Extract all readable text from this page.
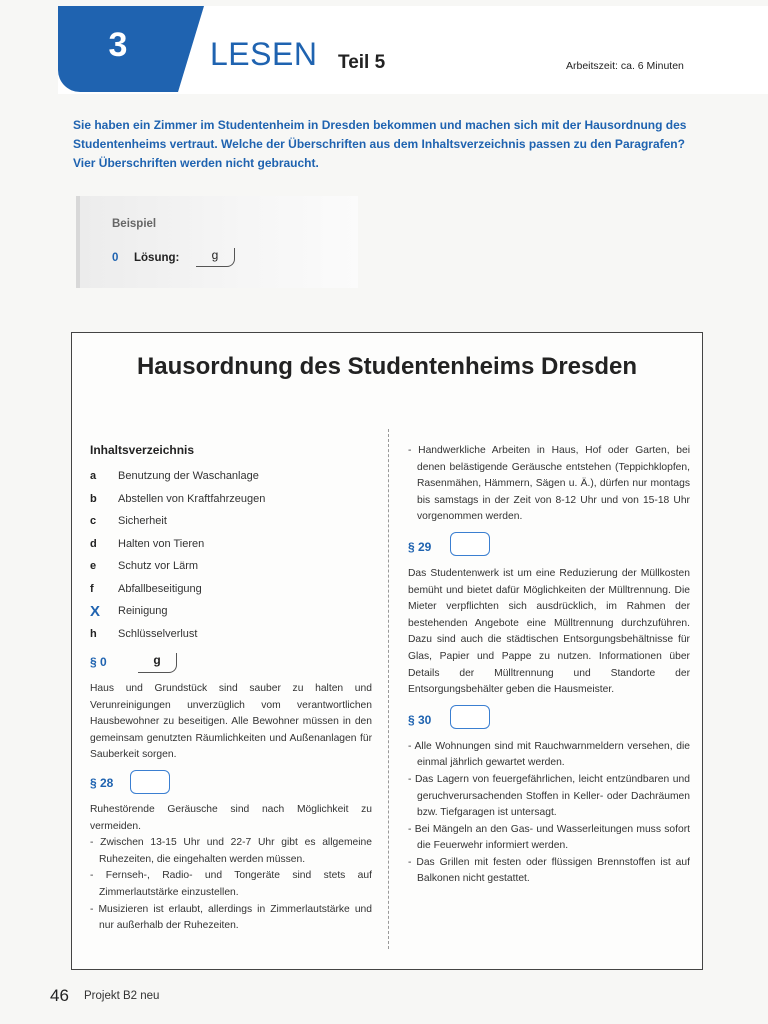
3	LESEN Teil 5	Arbeitszeit: ca. 6 Minuten
Sie haben ein Zimmer im Studentenheim in Dresden bekommen und machen sich mit der Hausordnung des Studentenheims vertraut. Welche der Überschriften aus dem Inhaltsverzeichnis passen zu den Paragrafen? Vier Überschriften werden nicht gebraucht.
Beispiel
0 Lösung:	g
Hausordnung des Studentenheims Dresden
Inhaltsverzeichnis
a	Benutzung der Waschanlage
b	Abstellen von Kraftfahrzeugen
c	Sicherheit
d	Halten von Tieren
e	Schutz vor Lärm
f	Abfallbeseitigung
X	Reinigung
h	Schlüsselverlust
§ 0	g
Haus und Grundstück sind sauber zu halten und Verunreinigungen unverzüglich vom verantwortlichen Hausbewohner zu beseitigen. Alle Bewohner müssen in den gemeinsam genutzten Räumlichkeiten und Außenanlagen für Sauberkeit sorgen.
§ 28
Ruhestörende Geräusche sind nach Möglichkeit zu vermeiden.
- Zwischen 13-15 Uhr und 22-7 Uhr gibt es allgemeine Ruhezeiten, die eingehalten werden müssen.
- Fernseh-, Radio- und Tongeräte sind stets auf Zimmerlautstärke einzustellen.
- Musizieren ist erlaubt, allerdings in Zimmerlautstärke und nur außerhalb der Ruhezeiten.
- Handwerkliche Arbeiten in Haus, Hof oder Garten, bei denen belästigende Geräusche entstehen (Teppichklopfen, Rasenmähen, Hämmern, Sägen u. Ä.), dürfen nur montags bis samstags in der Zeit von 8-12 Uhr und von 15-18 Uhr vorgenommen werden.
§ 29
Das Studentenwerk ist um eine Reduzierung der Müllkosten bemüht und bietet dafür Möglichkeiten der Mülltrennung. Die Mieter verpflichten sich ausdrücklich, im Rahmen der bestehenden Angebote eine Mülltrennung durchzuführen. Dazu sind auch die städtischen Entsorgungsbehältnisse für Glas, Papier und Pappe zu nutzen. Informationen über Details der Mülltrennung und Standorte der Entsorgungsbehälter geben die Hausmeister.
§ 30
- Alle Wohnungen sind mit Rauchwarnmeldern versehen, die einmal jährlich gewartet werden.
- Das Lagern von feuergefährlichen, leicht entzündbaren und geruchverursachenden Stoffen in Keller- oder Dachräumen bzw. Tiefgaragen ist untersagt.
- Bei Mängeln an den Gas- und Wasserleitungen muss sofort die Feuerwehr informiert werden.
- Das Grillen mit festen oder flüssigen Brennstoffen ist auf Balkonen nicht gestattet.
46 Projekt B2 neu
